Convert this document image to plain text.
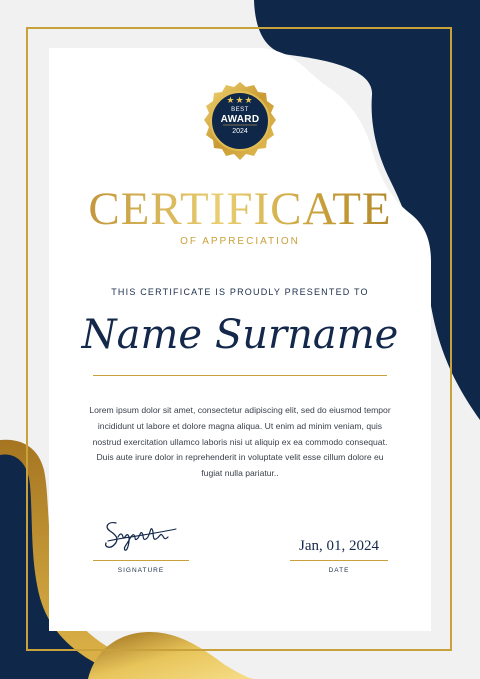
★★★
BEST
AWARD
2024
CERTIFICATE
OF APPRECIATION
THIS CERTIFICATE IS PROUDLY PRESENTED TO
Name Surname
Lorem ipsum dolor sit amet, consectetur adipiscing elit, sed do eiusmod tempor
incididunt ut labore et dolore magna aliqua. Ut enim ad minim veniam, quis
nostrud exercitation ullamco laboris nisi ut aliquip ex ea commodo consequat.
Duis aute irure dolor in reprehenderit in voluptate velit esse cillum dolore eu
fugiat nulla pariatur..
SIGNATURE
Jan, 01, 2024
DATE
